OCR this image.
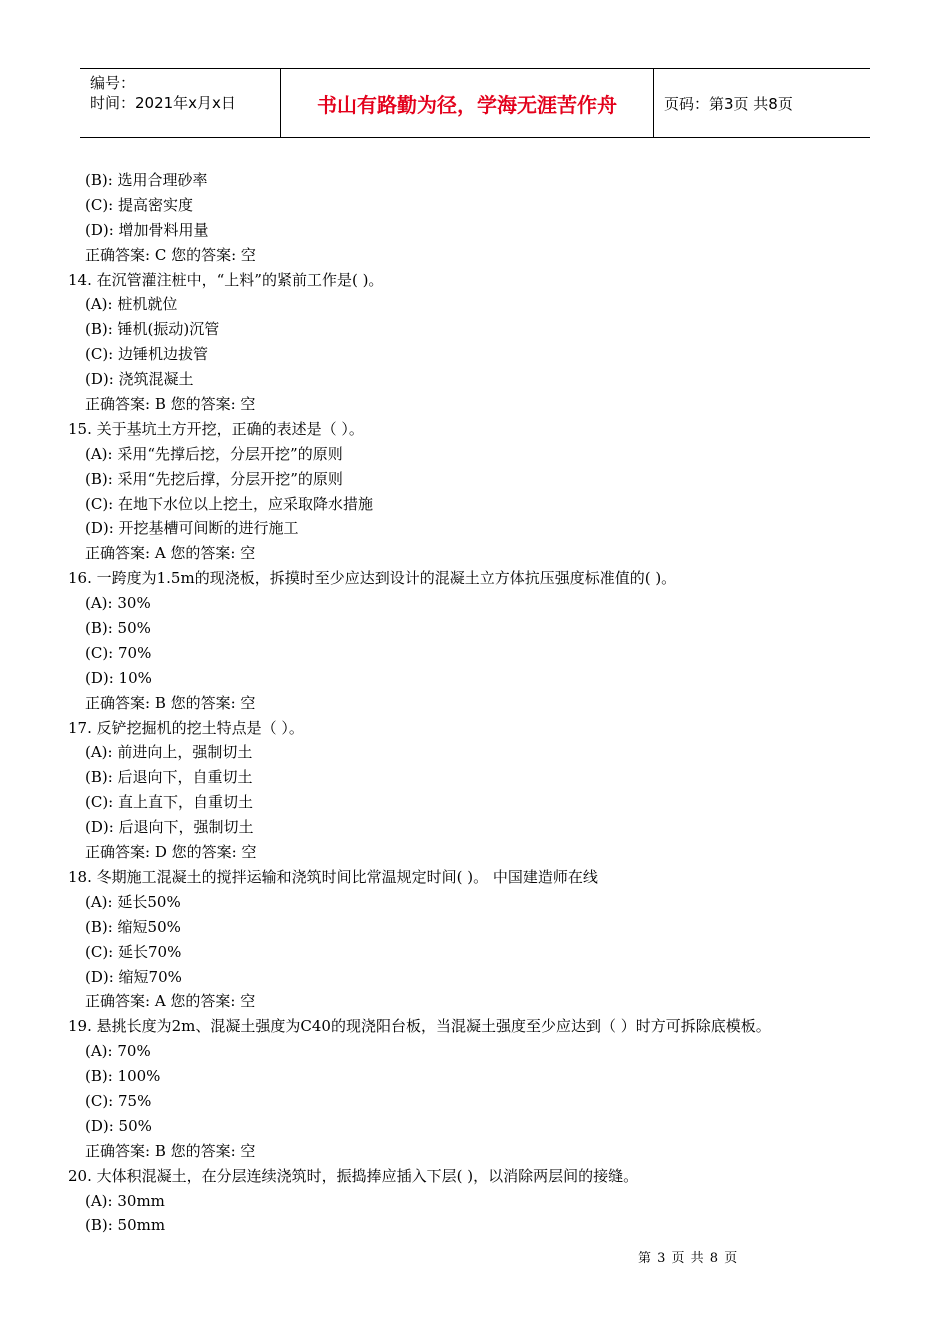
编号：
时间：2021年x月x日	书山有路勤为径，学海无涯苦作舟	页码：第3页 共8页
(B): 选用合理砂率
(C): 提高密实度
(D): 增加骨料用量
正确答案: C 您的答案: 空
14. 在沉管灌注桩中，“上料”的紧前工作是( )。
(A): 桩机就位
(B): 锤机(振动)沉管
(C): 边锤机边拔管
(D): 浇筑混凝土
正确答案: B 您的答案: 空
15. 关于基坑土方开挖，正确的表述是（ ）。
(A): 采用“先撑后挖，分层开挖”的原则
(B): 采用“先挖后撑，分层开挖”的原则
(C): 在地下水位以上挖土，应采取降水措施
(D): 开挖基槽可间断的进行施工
正确答案: A 您的答案: 空
16. 一跨度为1.5m的现浇板，拆摸时至少应达到设计的混凝土立方体抗压强度标准值的( )。
(A): 30%
(B): 50%
(C): 70%
(D): 10%
正确答案: B 您的答案: 空
17. 反铲挖掘机的挖土特点是（ ）。
(A): 前进向上，强制切土
(B): 后退向下，自重切土
(C): 直上直下，自重切土
(D): 后退向下，强制切土
正确答案: D 您的答案: 空
18. 冬期施工混凝土的搅拌运输和浇筑时间比常温规定时间( )。 中国建造师在线
(A): 延长50%
(B): 缩短50%
(C): 延长70%
(D): 缩短70%
正确答案: A 您的答案: 空
19. 悬挑长度为2m、混凝土强度为C40的现浇阳台板，当混凝土强度至少应达到（ ）时方可拆除底模板。
(A): 70%
(B): 100%
(C): 75%
(D): 50%
正确答案: B 您的答案: 空
20. 大体积混凝土，在分层连续浇筑时，振捣捧应插入下层( )，以消除两层间的接缝。
(A): 30mm
(B): 50mm
第 3 页 共 8 页
